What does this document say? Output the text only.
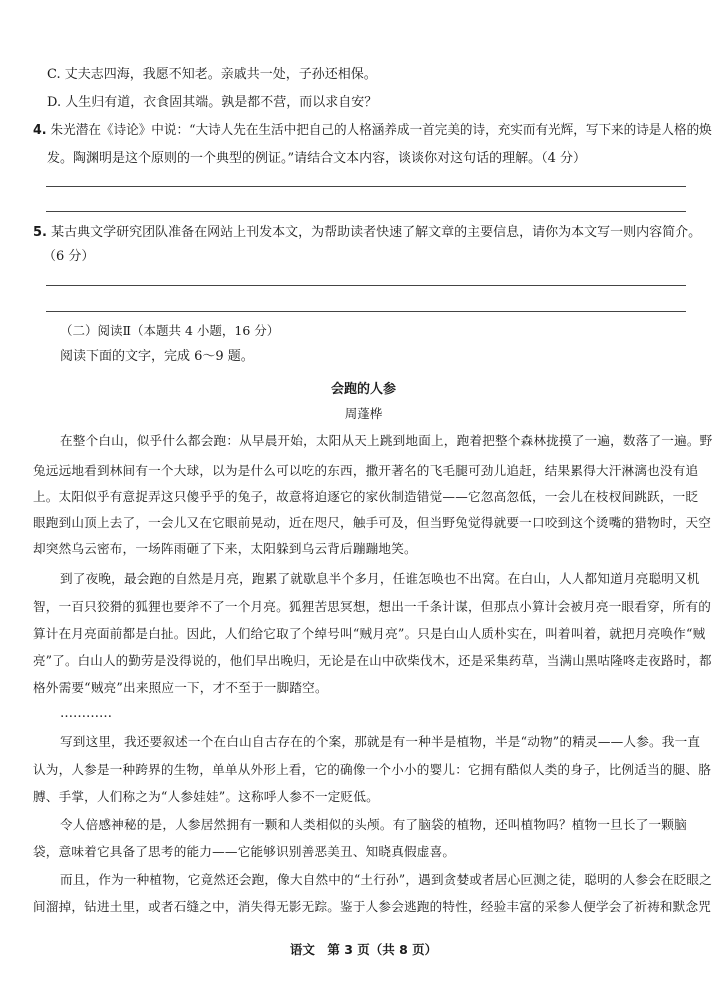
C. 丈夫志四海，我愿不知老。亲戚共一处，子孙还相保。
D. 人生归有道，衣食固其端。孰是都不营，而以求自安？
4. 朱光潜在《诗论》中说：“大诗人先在生活中把自己的人格涵养成一首完美的诗，充实而有光辉，写下来的诗是人格的焕
发。陶渊明是这个原则的一个典型的例证。”请结合文本内容，谈谈你对这句话的理解。（4 分）
5. 某古典文学研究团队准备在网站上刊发本文，为帮助读者快速了解文章的主要信息，请你为本文写一则内容简介。
（6 分）
（二）阅读Ⅱ（本题共 4 小题，16 分）
阅读下面的文字，完成 6～9 题。
会跑的人参
周蓬桦
在整个白山，似乎什么都会跑：从早晨开始，太阳从天上跳到地面上，跑着把整个森林拢摸了一遍，数落了一遍。野
兔远远地看到林间有一个大球，以为是什么可以吃的东西，撒开著名的飞毛腿可劲儿追赶，结果累得大汗淋漓也没有追
上。太阳似乎有意捉弄这只傻乎乎的兔子，故意将迫逐它的家伙制造错觉——它忽高忽低，一会儿在枝杈间跳跃，一眨
眼跑到山顶上去了，一会儿又在它眼前晃动，近在咫尺，触手可及，但当野兔觉得就要一口咬到这个烫嘴的猎物时，天空
却突然乌云密布，一场阵雨砸了下来，太阳躲到乌云背后蹦蹦地笑。
到了夜晚，最会跑的自然是月亮，跑累了就歇息半个多月，任谁怎唤也不出窝。在白山，人人都知道月亮聪明又机
智，一百只狡猾的狐狸也要斧不了一个月亮。狐狸苦思冥想，想出一千条计谋，但那点小算计会被月亮一眼看穿，所有的
算计在月亮面前都是白扯。因此，人们给它取了个绰号叫“贼月亮”。只是白山人质朴实在，叫着叫着，就把月亮唤作“贼
亮”了。白山人的勤劳是没得说的，他们早出晚归，无论是在山中砍柴伐木，还是采集药草，当满山黑咕隆咚走夜路时，都
格外需要“贼亮”出来照应一下，才不至于一脚踏空。
…………
写到这里，我还要叙述一个在白山自古存在的个案，那就是有一种半是植物，半是“动物”的精灵——人参。我一直
认为，人参是一种跨界的生物，单单从外形上看，它的确像一个小小的婴儿：它拥有酷似人类的身子，比例适当的腿、胳
膊、手掌，人们称之为“人参娃娃”。这称呼人参不一定贬低。
令人倍感神秘的是，人参居然拥有一颗和人类相似的头颅。有了脑袋的植物，还叫植物吗？植物一旦长了一颗脑
袋，意味着它具备了思考的能力——它能够识别善恶美丑、知晓真假虚喜。
而且，作为一种植物，它竟然还会跑，像大自然中的“土行孙”，遇到贪婪或者居心叵测之徒，聪明的人参会在眨眼之
间溜掉，钻进土里，或者石缝之中，消失得无影无踪。鉴于人参会逃跑的特性，经验丰富的采参人便学会了祈祷和默念咒
语文　第 3 页（共 8 页）
